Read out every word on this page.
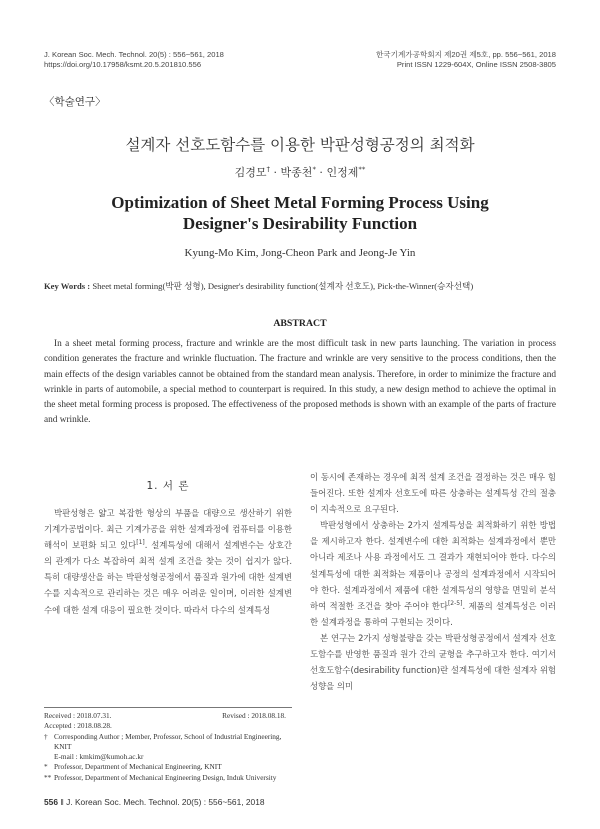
J. Korean Soc. Mech. Technol. 20(5) : 556~561, 2018
https://doi.org/10.17958/ksmt.20.5.201810.556
한국기계가공학회지 제20권 제5호, pp. 556~561, 2018
Print ISSN 1229-604X, Online ISSN 2508-3805
〈학술연구〉
설계자 선호도함수를 이용한 박판성형공정의 최적화
김경모† · 박종천* · 인정제**
Optimization of Sheet Metal Forming Process Using
Designer's Desirability Function
Kyung-Mo Kim, Jong-Cheon Park and Jeong-Je Yin
Key Words : Sheet metal forming(박판 성형), Designer's desirability function(설계자 선호도), Pick-the-Winner(승자선택)
ABSTRACT
In a sheet metal forming process, fracture and wrinkle are the most difficult task in new parts launching. The variation in process condition generates the fracture and wrinkle fluctuation. The fracture and wrinkle are very sensitive to the process conditions, then the main effects of the design variables cannot be obtained from the standard mean analysis. Therefore, in order to minimize the fracture and wrinkle in parts of automobile, a special method to counterpart is required. In this study, a new design method to achieve the optimal in the sheet metal forming process is proposed. The effectiveness of the proposed methods is shown with an example of the parts of fracture and wrinkle.
1. 서 론

박판성형은 얇고 복잡한 형상의 부품을 대량으로 생산하기 위한 기계가공법이다. 최근 기계가공을 위한 설계과정에 컴퓨터를 이용한 해석이 보편화 되고 있다[1]. 설계특성에 대해서 설계변수는 상호간의 관계가 다소 복잡하여 최적 설계 조건을 찾는 것이 쉽지가 않다. 특히 대량생산을 하는 박판성형공정에서 품질과 원가에 대한 설계변수를 지속적으로 관리하는 것은 매우 어려운 일이며, 이러한 설계변수에 대한 설계 대응이 필요한 것이다. 따라서 다수의 설계특성

Received : 2018.07.31.	Revised : 2018.08.18.
Accepted : 2018.08.28.
† Corresponding Author ; Member, Professor, School of Industrial Engineering, KNIT
E-mail : kmkim@kumoh.ac.kr
* Professor, Department of Mechanical Engineering, KNIT
** Professor, Department of Mechanical Engineering Design, Induk University

이 동시에 존재하는 경우에 최적 설계 조건을 결정하는 것은 매우 힘들어진다. 또한 설계자 선호도에 따른 상충하는 설계특성 간의 절충이 지속적으로 요구된다.

박판성형에서 상충하는 2가지 설계특성을 최적화하기 위한 방법을 제시하고자 한다. 설계변수에 대한 최적화는 설계과정에서 뿐만 아니라 제조나 사용 과정에서도 그 결과가 재현되어야 한다. 다수의 설계특성에 대한 최적화는 제품이나 공정의 설계과정에서 시작되어야 한다. 설계과정에서 제품에 대한 설계특성의 영향을 면밀히 분석하여 적절한 조건을 찾아 주어야 한다[2-5]. 제품의 설계특성은 이러한 설계과정을 통하여 구현되는 것이다.

본 연구는 2가지 성형불량을 갖는 박판성형공정에서 설계자 선호도함수를 반영한 품질과 원가 간의 균형을 추구하고자 한다. 여기서 선호도함수(desirability function)란 설계특성에 대한 설계자 위험성향을 의미

556 ‖ J. Korean Soc. Mech. Technol. 20(5) : 556~561, 2018
